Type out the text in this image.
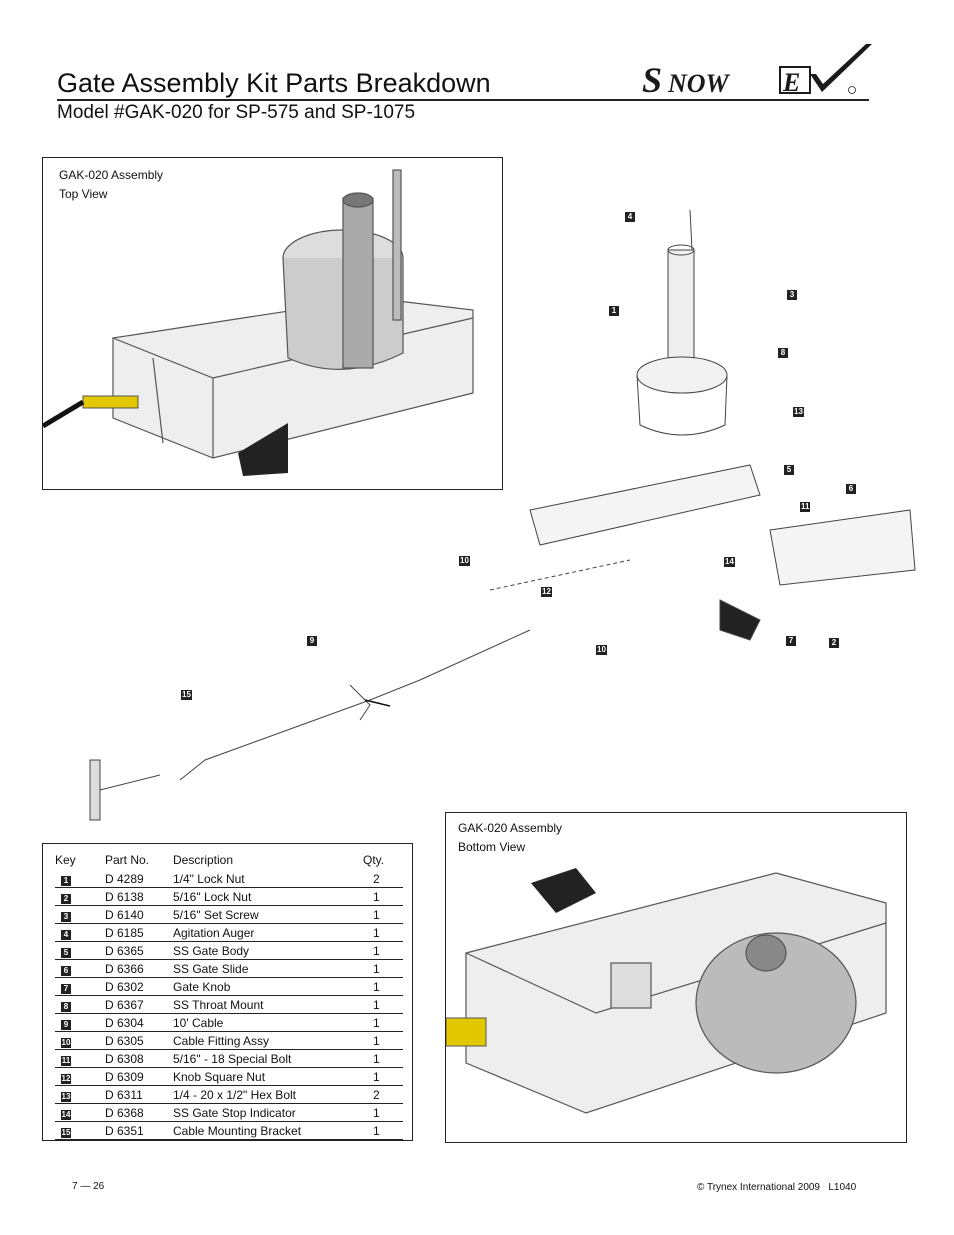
Gate Assembly Kit Parts Breakdown
Model #GAK-020 for SP-575 and SP-1075
S NOW E
GAK-020 Assembly
Top View
4
3
1
8
13
5
6
11
10	14
12
7	2
10
9
15
Key	Part No.	Description	Qty.
1	D 4289	1/4" Lock Nut	2
2	D 6138	5/16" Lock Nut	1
3	D 6140	5/16" Set Screw	1
4	D 6185	Agitation Auger	1
5	D 6365	SS Gate Body	1
6	D 6366	SS Gate Slide	1
7	D 6302	Gate Knob	1
8	D 6367	SS Throat Mount	1
9	D 6304	10' Cable	1
10	D 6305	Cable Fitting Assy	1
11	D 6308	5/16" - 18 Special Bolt	1
12	D 6309	Knob Square Nut	1
13	D 6311	1/4 - 20 x 1/2" Hex Bolt	2
14	D 6368	SS Gate Stop Indicator	1
15	D 6351	Cable Mounting Bracket	1
GAK-020 Assembly
Bottom View
7 — 26	© Trynex International 2009   L1040
